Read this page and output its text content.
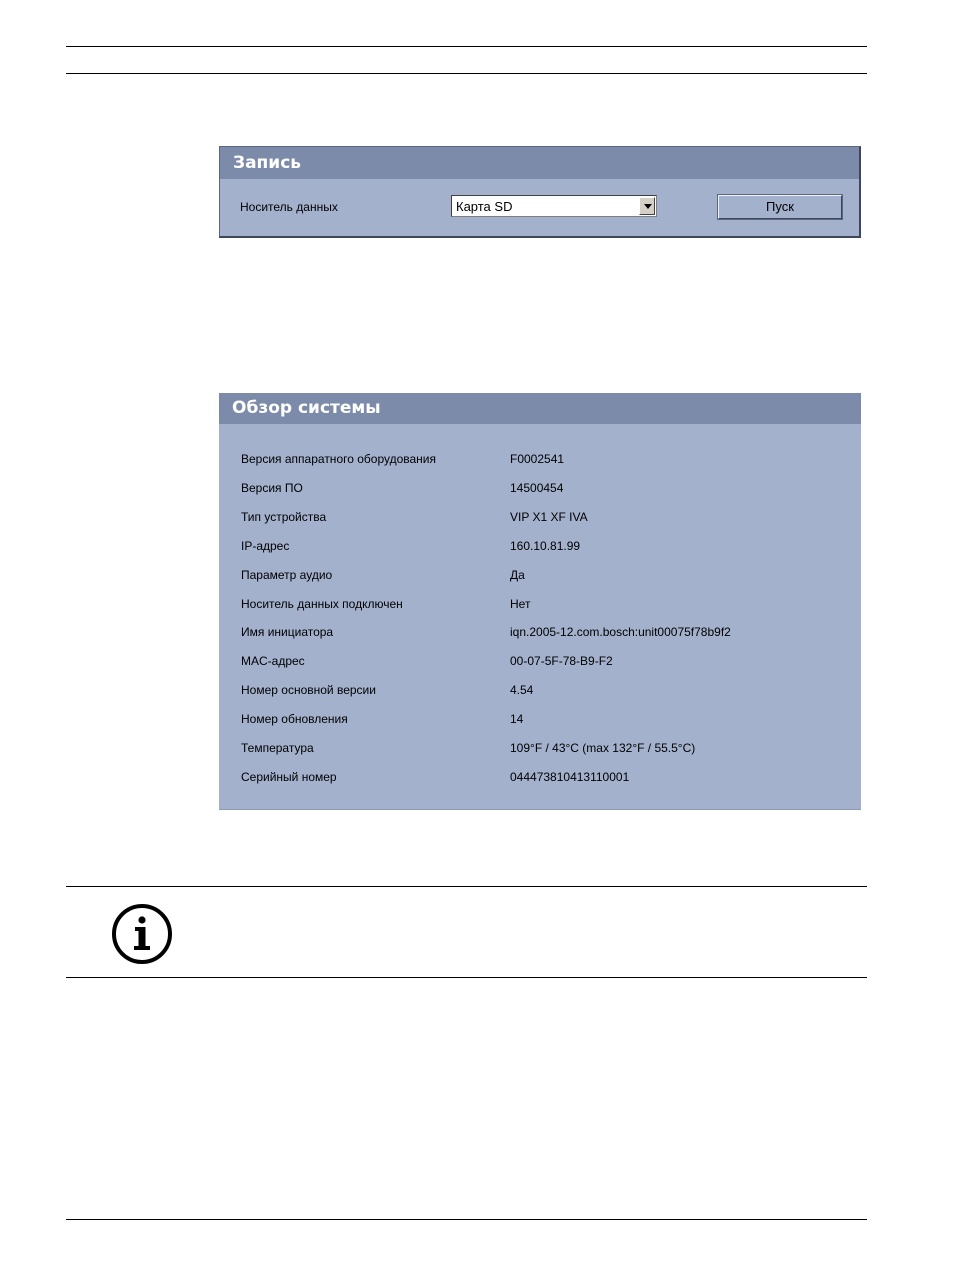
Запись
Носитель данных	Карта SD	Пуск
Обзор системы
Версия аппаратного оборудования	F0002541
Версия ПО	14500454
Тип устройства	VIP X1 XF IVA
IP-адрес	160.10.81.99
Параметр аудио	Да
Носитель данных подключен	Нет
Имя инициатора	iqn.2005-12.com.bosch:unit00075f78b9f2
MAC-адрес	00-07-5F-78-B9-F2
Номер основной версии	4.54
Номер обновления	14
Температура	109°F / 43°C (max 132°F / 55.5°C)
Серийный номер	044473810413110001
